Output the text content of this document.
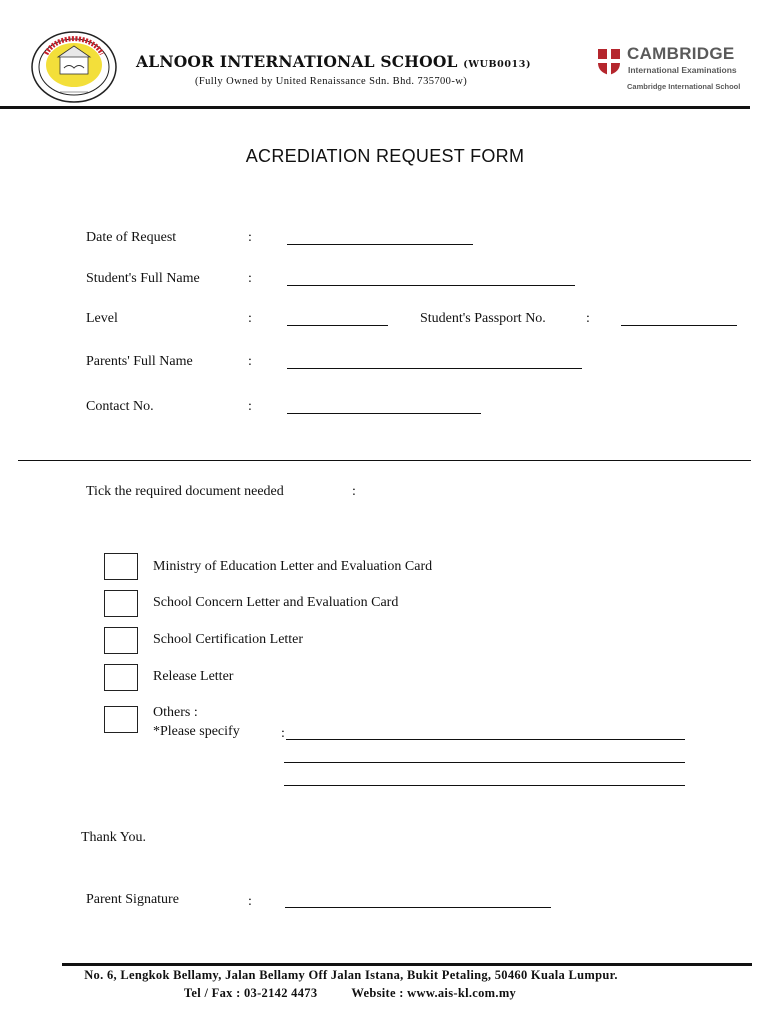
ALNOOR INTERNATIONAL SCHOOL (WUB0013)
(Fully Owned by United Renaissance Sdn. Bhd. 735700-w)
CAMBRIDGE
International Examinations
Cambridge International School
ACREDIATION REQUEST FORM
Date of Request	:
Student's Full Name	:
Level	:	Student's Passport No.	:
Parents' Full Name	:
Contact No.	:
Tick the required document needed	:
Ministry of Education Letter and Evaluation Card
School Concern Letter and Evaluation Card
School Certification Letter
Release Letter
Others :
*Please specify	:
Thank You.
Parent Signature	:
No. 6, Lengkok Bellamy, Jalan Bellamy Off Jalan Istana, Bukit Petaling, 50460 Kuala Lumpur.
Tel / Fax : 03-2142 4473          Website : www.ais-kl.com.my
